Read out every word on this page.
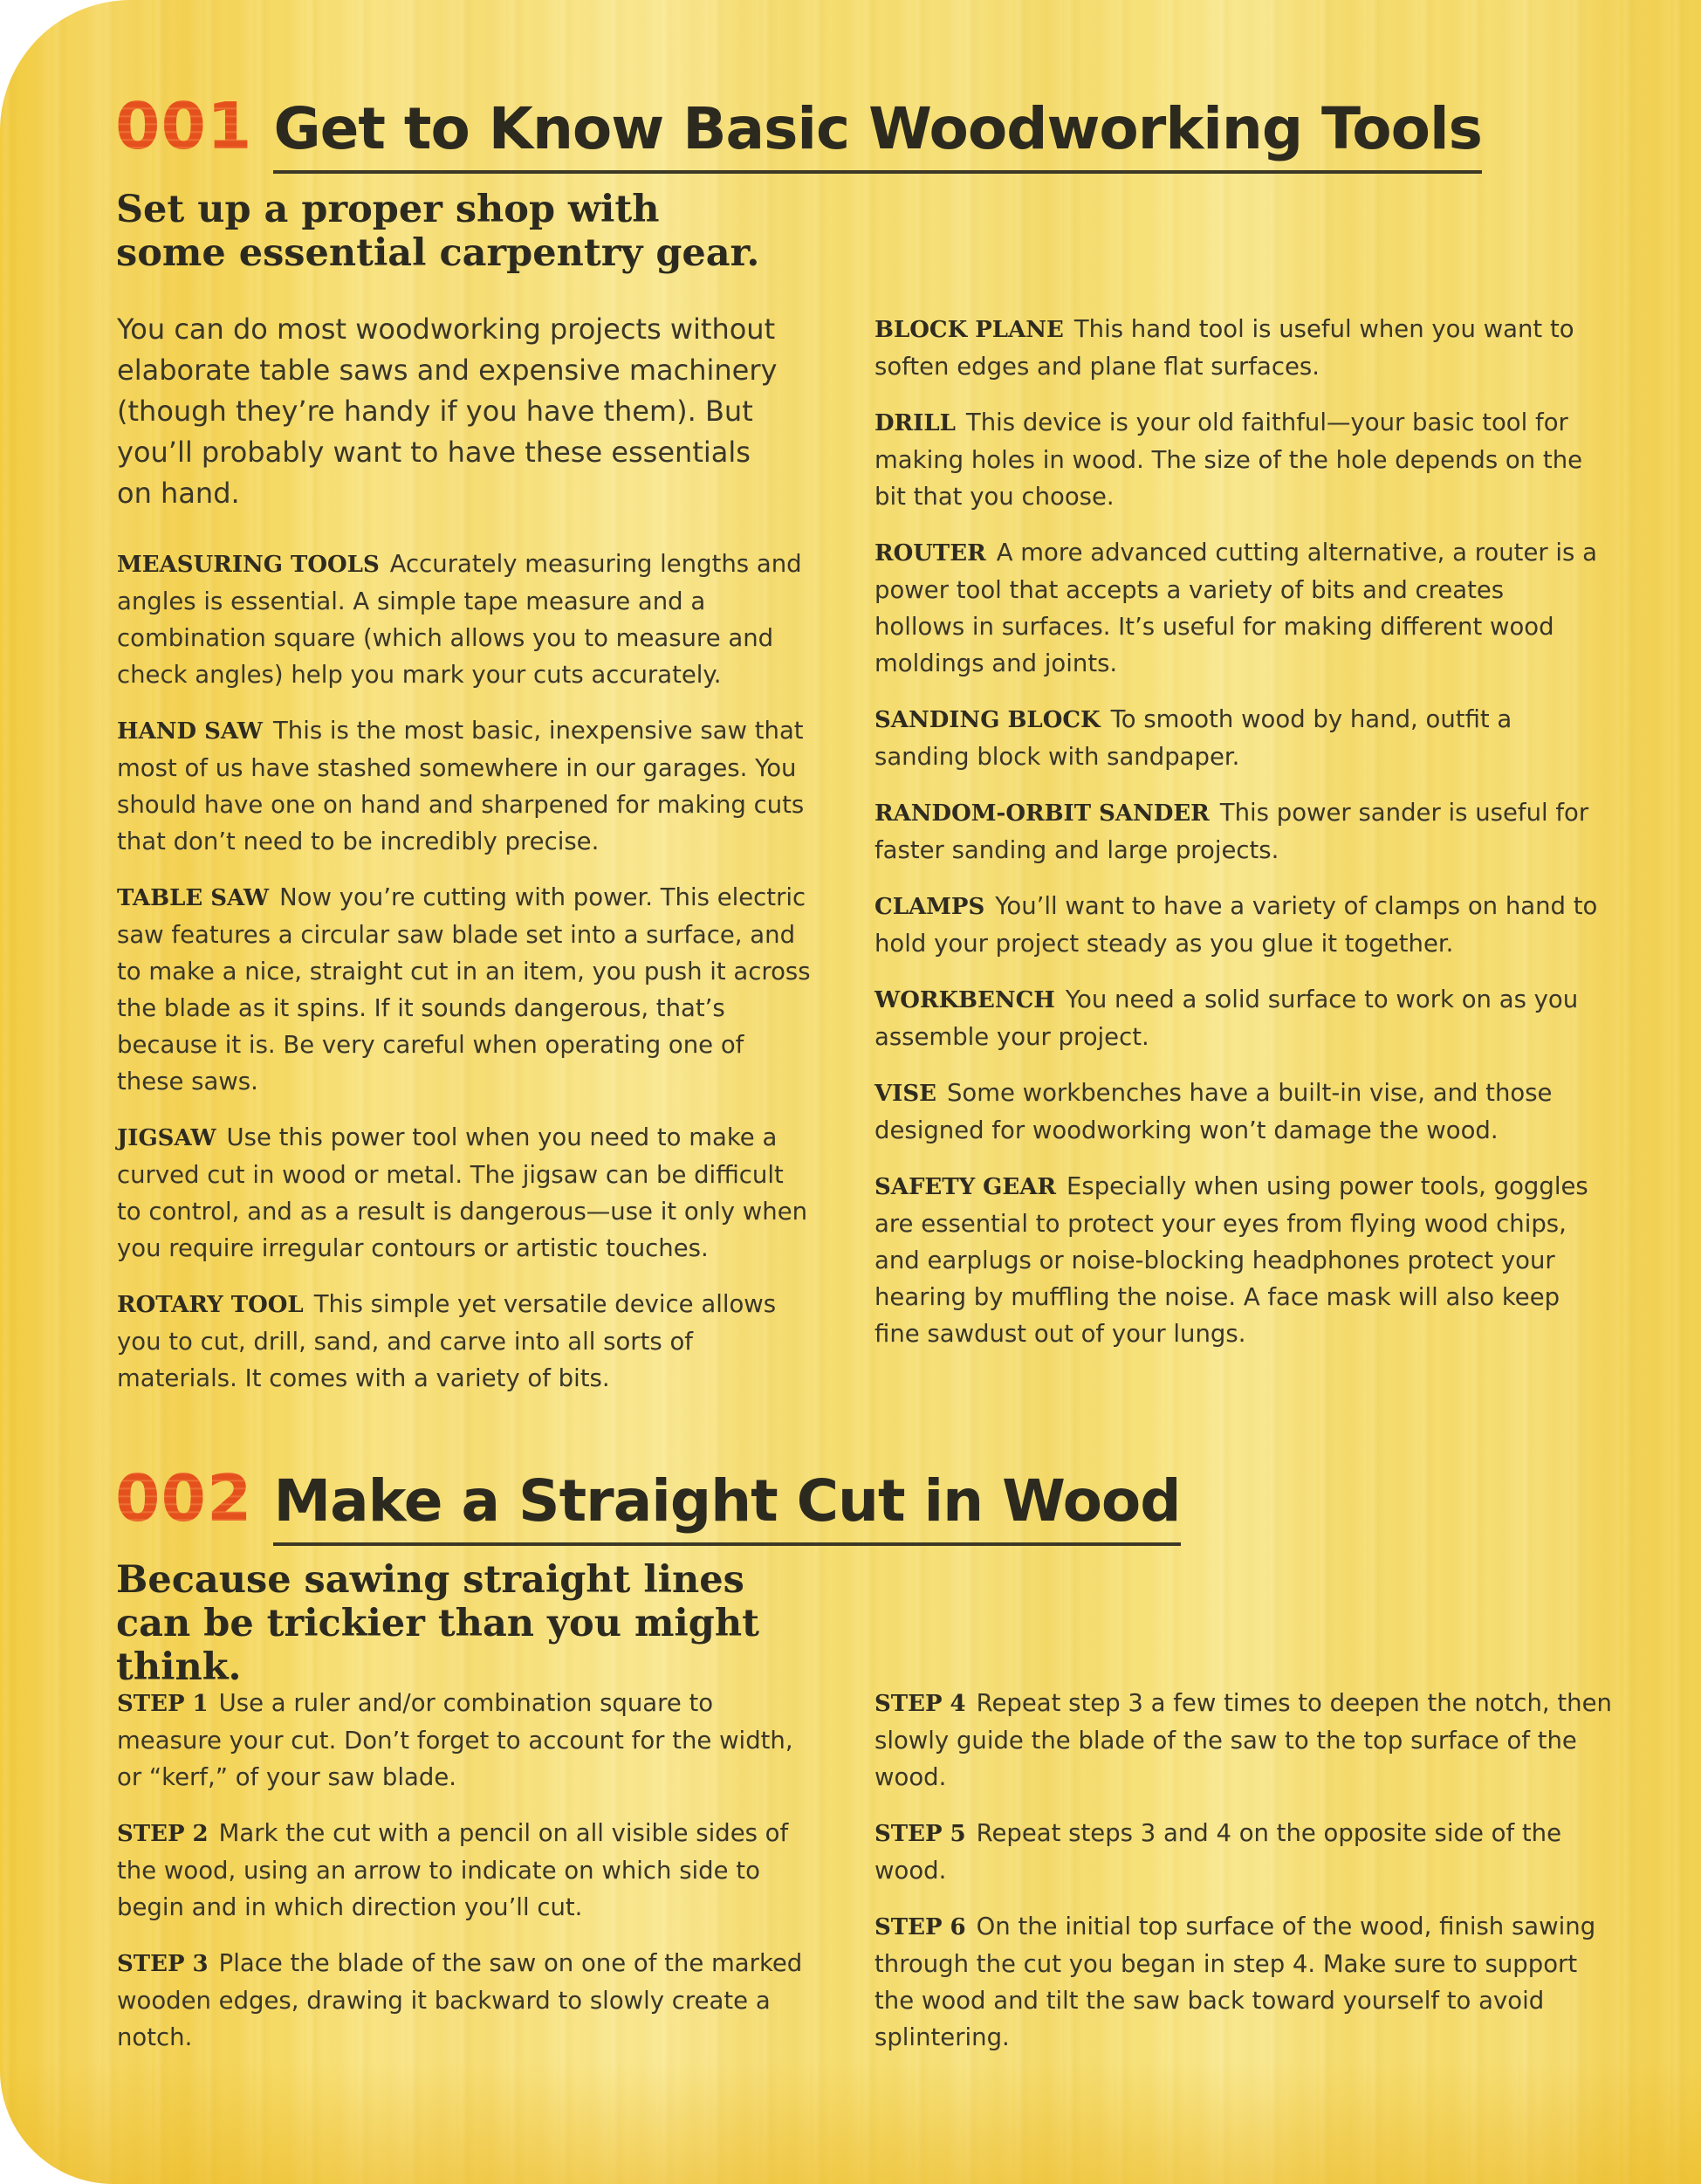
001 Get to Know Basic Woodworking Tools
Set up a proper shop with some essential carpentry gear.

You can do most woodworking projects without elaborate table saws and expensive machinery (though they’re handy if you have them). But you’ll probably want to have these essentials on hand.

MEASURING TOOLS Accurately measuring lengths and angles is essential. A simple tape measure and a combination square (which allows you to measure and check angles) help you mark your cuts accurately.

HAND SAW This is the most basic, inexpensive saw that most of us have stashed somewhere in our garages. You should have one on hand and sharpened for making cuts that don’t need to be incredibly precise.

TABLE SAW Now you’re cutting with power. This electric saw features a circular saw blade set into a surface, and to make a nice, straight cut in an item, you push it across the blade as it spins. If it sounds dangerous, that’s because it is. Be very careful when operating one of these saws.

JIGSAW Use this power tool when you need to make a curved cut in wood or metal. The jigsaw can be difficult to control, and as a result is dangerous—use it only when you require irregular contours or artistic touches.

ROTARY TOOL This simple yet versatile device allows you to cut, drill, sand, and carve into all sorts of materials. It comes with a variety of bits.

BLOCK PLANE This hand tool is useful when you want to soften edges and plane flat surfaces.

DRILL This device is your old faithful—your basic tool for making holes in wood. The size of the hole depends on the bit that you choose.

ROUTER A more advanced cutting alternative, a router is a power tool that accepts a variety of bits and creates hollows in surfaces. It’s useful for making different wood moldings and joints.

SANDING BLOCK To smooth wood by hand, outfit a sanding block with sandpaper.

RANDOM-ORBIT SANDER This power sander is useful for faster sanding and large projects.

CLAMPS You’ll want to have a variety of clamps on hand to hold your project steady as you glue it together.

WORKBENCH You need a solid surface to work on as you assemble your project.

VISE Some workbenches have a built-in vise, and those designed for woodworking won’t damage the wood.

SAFETY GEAR Especially when using power tools, goggles are essential to protect your eyes from flying wood chips, and earplugs or noise-blocking headphones protect your hearing by muffling the noise. A face mask will also keep fine sawdust out of your lungs.

002 Make a Straight Cut in Wood
Because sawing straight lines can be trickier than you might think.

STEP 1 Use a ruler and/or combination square to measure your cut. Don’t forget to account for the width, or “kerf,” of your saw blade.

STEP 2 Mark the cut with a pencil on all visible sides of the wood, using an arrow to indicate on which side to begin and in which direction you’ll cut.

STEP 3 Place the blade of the saw on one of the marked wooden edges, drawing it backward to slowly create a notch.

STEP 4 Repeat step 3 a few times to deepen the notch, then slowly guide the blade of the saw to the top surface of the wood.

STEP 5 Repeat steps 3 and 4 on the opposite side of the wood.

STEP 6 On the initial top surface of the wood, finish sawing through the cut you began in step 4. Make sure to support the wood and tilt the saw back toward yourself to avoid splintering.
